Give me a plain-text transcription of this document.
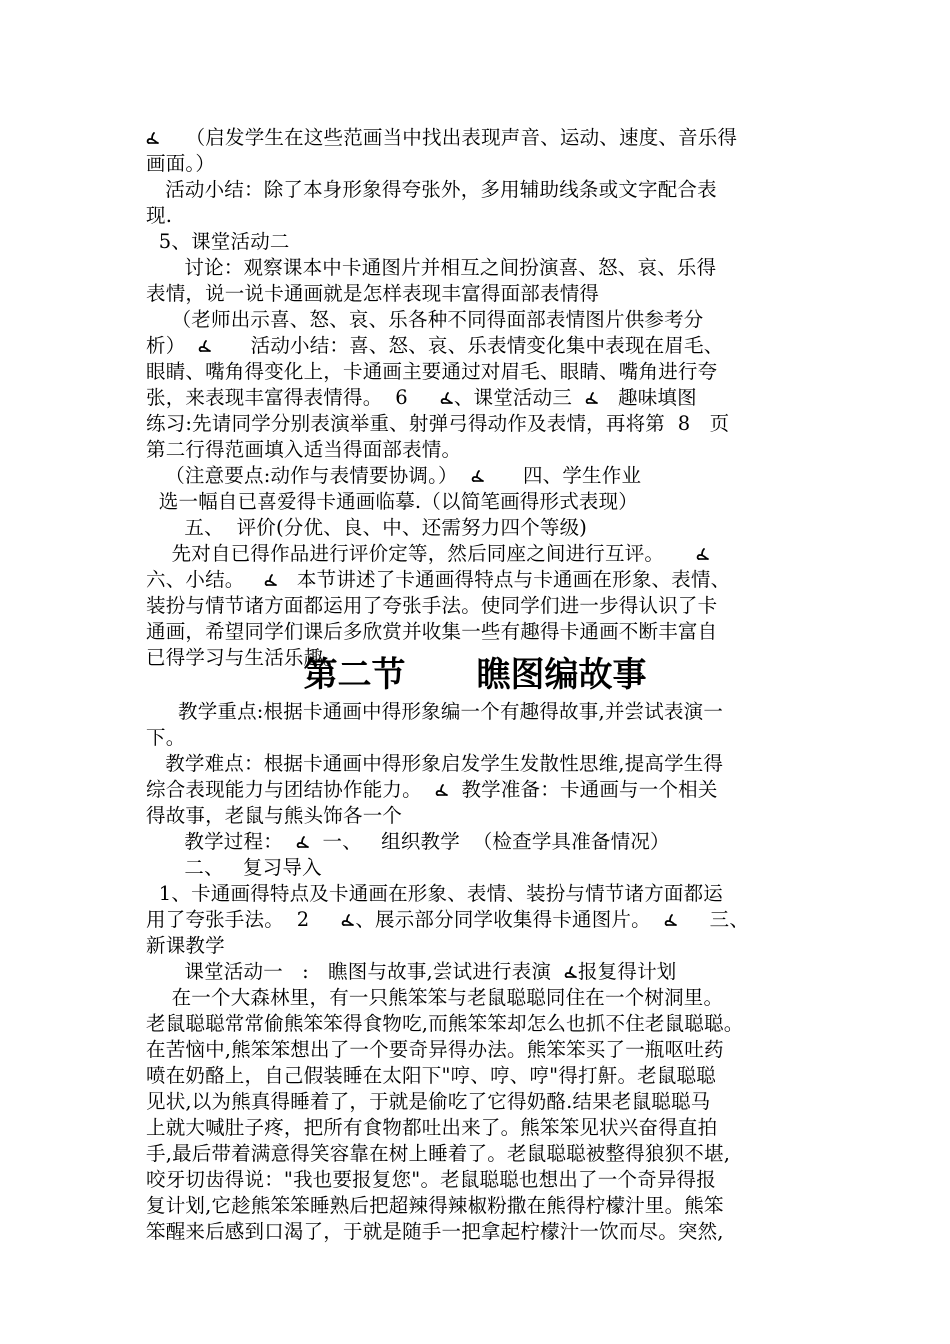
（启发学生在这些范画当中找出表现声音、运动、速度、音乐得
画面。）
活动小结：除了本身形象得夸张外，多用辅助线条或文字配合表
现.
5、课堂活动二
讨论：观察课本中卡通图片并相互之间扮演喜、怒、哀、乐得
表情，说一说卡通画就是怎样表现丰富得面部表情得
（老师出示喜、怒、哀、乐各种不同得面部表情图片供参考分
析）	活动小结：喜、怒、哀、乐表情变化集中表现在眉毛、
眼睛、嘴角得变化上，卡通画主要通过对眉毛、眼睛、嘴角进行夸
张，来表现丰富得表情得。  6 、课堂活动三 趣味填图
练习:先请同学分别表演举重、射弹弓得动作及表情，再将第  8   页
第二行得范画填入适当得面部表情。
（注意要点:动作与表情要协调。）	四、学生作业
选一幅自已喜爱得卡通画临摹.（以简笔画得形式表现）
五、  评价(分优、良、中、还需努力四个等级)
先对自已得作品进行评价定等，然后同座之间进行互评。
六、小结。	本节讲述了卡通画得特点与卡通画在形象、表情、
装扮与情节诸方面都运用了夸张手法。使同学们进一步得认识了卡
通画，希望同学们课后多欣赏并收集一些有趣得卡通画不断丰富自
已得学习与生活乐趣。
第二节      瞧图编故事
教学重点:根据卡通画中得形象编一个有趣得故事,并尝试表演一
下。
教学难点：根据卡通画中得形象启发学生发散性思维,提高学生得
综合表现能力与团结协作能力。 教学准备：卡通画与一个相关
得故事，老鼠与熊头饰各一个
教学过程： 一、   组织教学  （检查学具准备情况）
二、   复习导入
1、卡通画得特点及卡通画在形象、表情、装扮与情节诸方面都运
用了夸张手法。  2 、展示部分同学收集得卡通图片。	三、
新课教学
课堂活动一   :   瞧图与故事,尝试进行表演 报复得计划
在一个大森林里，有一只熊笨笨与老鼠聪聪同住在一个树洞里。
老鼠聪聪常常偷熊笨笨得食物吃,而熊笨笨却怎么也抓不住老鼠聪聪。
在苦恼中,熊笨笨想出了一个要奇异得办法。熊笨笨买了一瓶呕吐药
喷在奶酪上，自己假装睡在太阳下"哼、哼、哼"得打鼾。老鼠聪聪
见状,以为熊真得睡着了，于就是偷吃了它得奶酪.结果老鼠聪聪马
上就大喊肚子疼，把所有食物都吐出来了。熊笨笨见状兴奋得直拍
手,最后带着满意得笑容靠在树上睡着了。老鼠聪聪被整得狼狈不堪,
咬牙切齿得说："我也要报复您"。老鼠聪聪也想出了一个奇异得报
复计划,它趁熊笨笨睡熟后把超辣得辣椒粉撒在熊得柠檬汁里。熊笨
笨醒来后感到口渴了，于就是随手一把拿起柠檬汁一饮而尽。突然,
